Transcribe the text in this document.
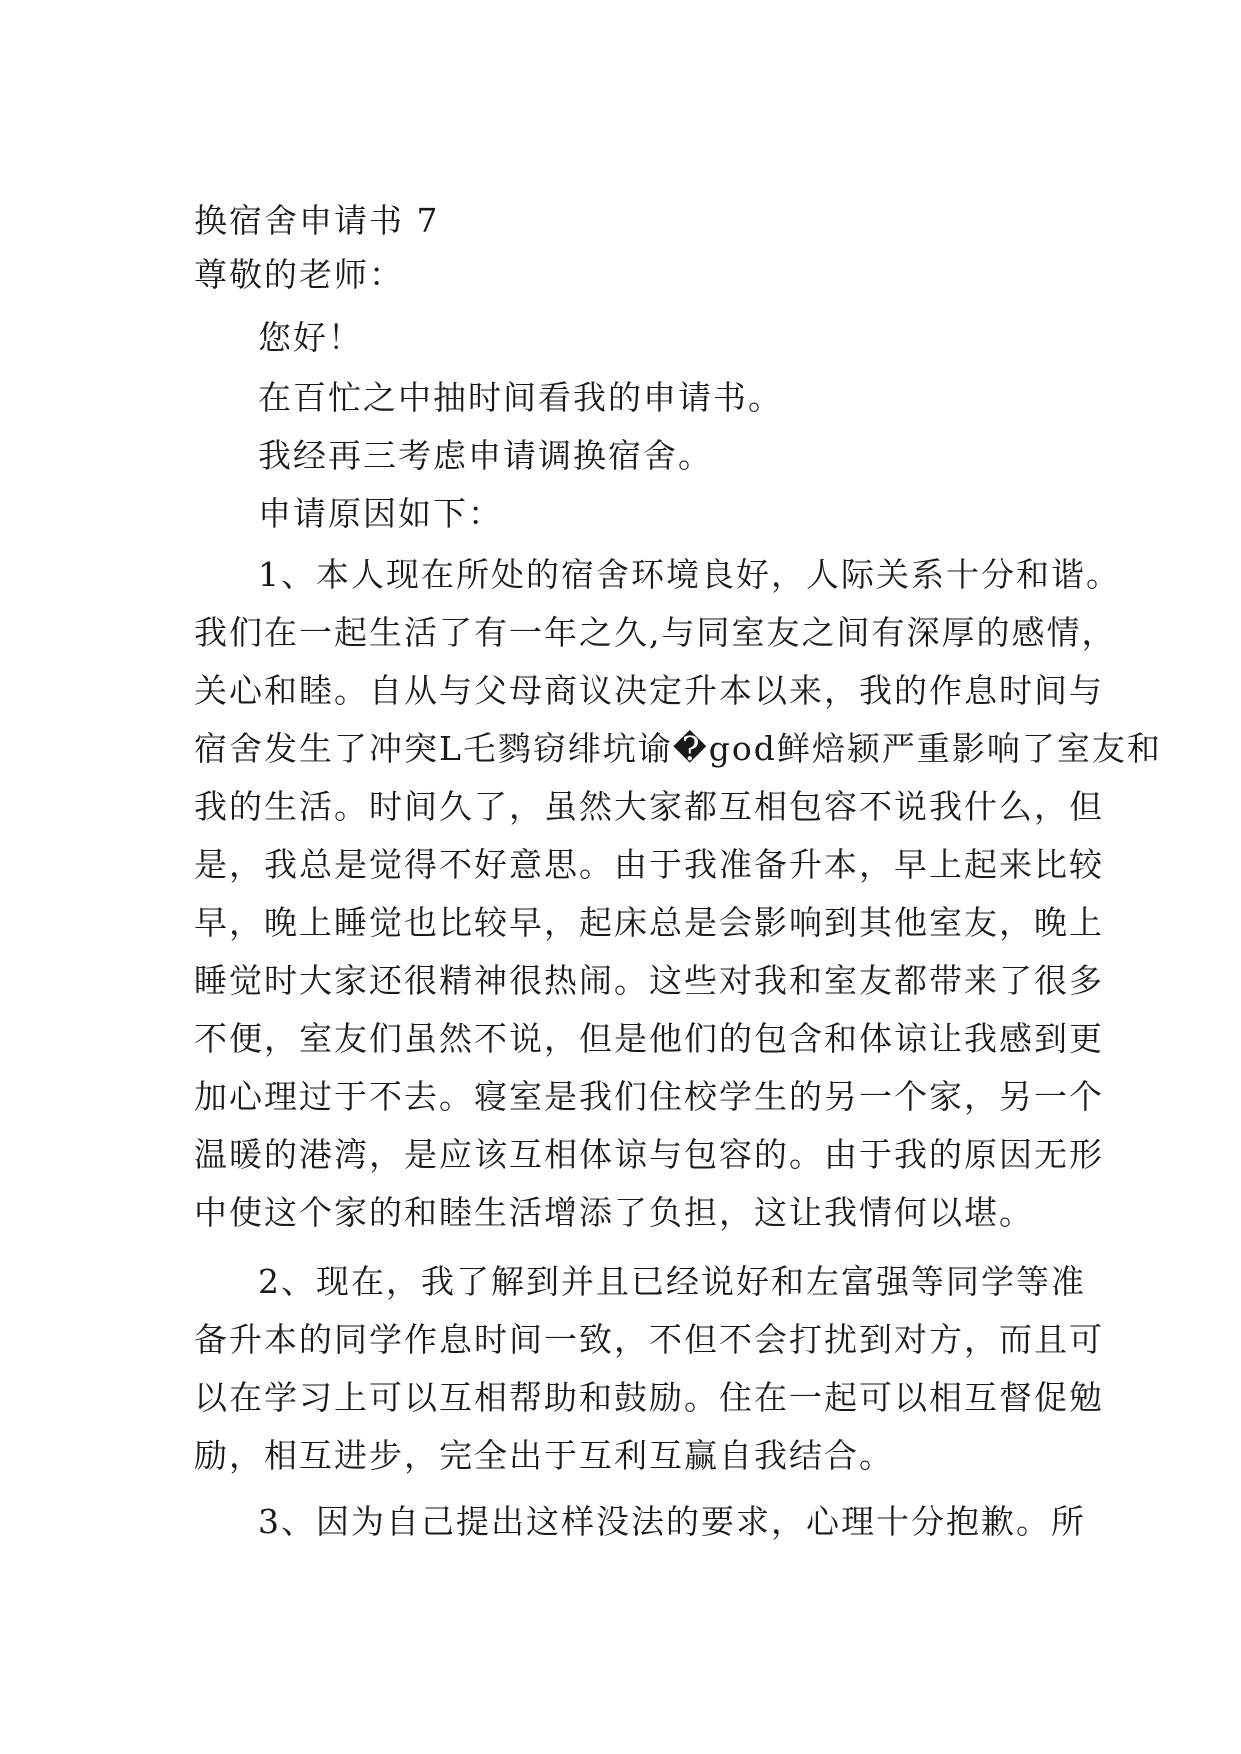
换宿舍申请书 7
尊敬的老师：
您好！
在百忙之中抽时间看我的申请书。
我经再三考虑申请调换宿舍。
申请原因如下：
1、本人现在所处的宿舍环境良好，人际关系十分和谐。
我们在一起生活了有一年之久,与同室友之间有深厚的感情，
关心和睦。自从与父母商议决定升本以来，我的作息时间与
宿舍发生了冲突L乇鹨窃绯坑谕�god鲜焙颍严重影响了室友和
我的生活。时间久了，虽然大家都互相包容不说我什么，但
是，我总是觉得不好意思。由于我准备升本，早上起来比较
早，晚上睡觉也比较早，起床总是会影响到其他室友，晚上
睡觉时大家还很精神很热闹。这些对我和室友都带来了很多
不便，室友们虽然不说，但是他们的包含和体谅让我感到更
加心理过于不去。寝室是我们住校学生的另一个家，另一个
温暖的港湾，是应该互相体谅与包容的。由于我的原因无形
中使这个家的和睦生活增添了负担，这让我情何以堪。
2、现在，我了解到并且已经说好和左富强等同学等准
备升本的同学作息时间一致，不但不会打扰到对方，而且可
以在学习上可以互相帮助和鼓励。住在一起可以相互督促勉
励，相互进步，完全出于互利互赢自我结合。
3、因为自己提出这样没法的要求，心理十分抱歉。所
